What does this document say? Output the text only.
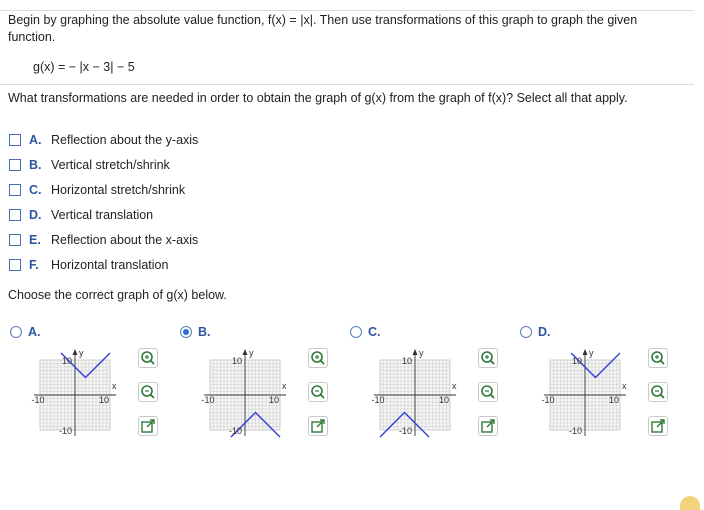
Begin by graphing the absolute value function, f(x) = |x|. Then use transformations of this graph to graph the given
function.
g(x) = − |x − 3| − 5
What transformations are needed in order to obtain the graph of g(x) from the graph of f(x)? Select all that apply.
A. Reflection about the y-axis
B. Vertical stretch/shrink
C. Horizontal stretch/shrink
D. Vertical translation
E. Reflection about the x-axis
F. Horizontal translation
Choose the correct graph of g(x) below.
A.
10
-10
-10	10
x
y
B.
10
-10
-10	10
x
y
C.
10
-10
-10	10
x
y
D.
10
-10
-10	10
x
y
